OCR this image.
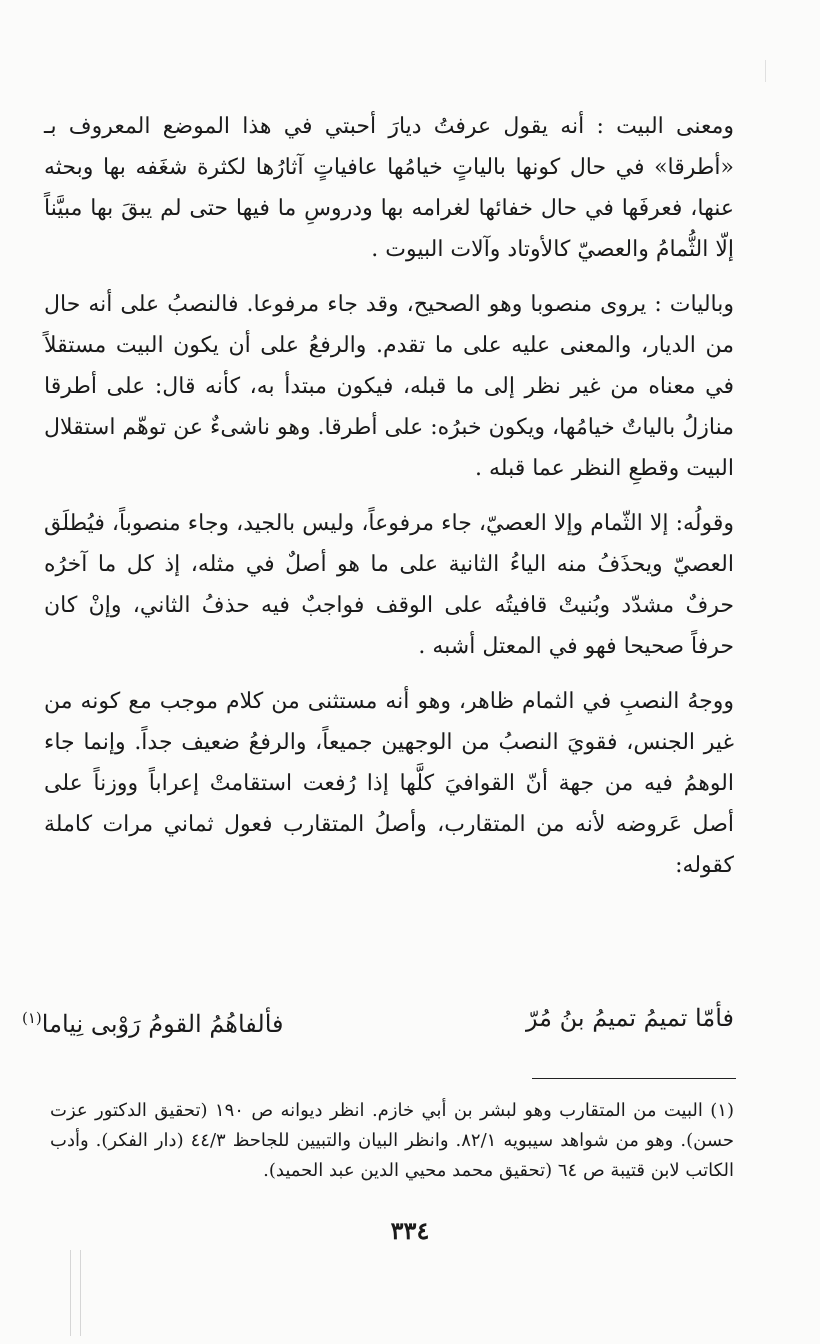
ومعنى البيت : أنه يقول عرفتُ ديارَ أحبتي في هذا الموضع المعروف بـ «أطرقا» في حال كونها بالياتٍ خيامُها عافياتٍ آثارُها لكثرة شغَفه بها وبحثه عنها، فعرفَها في حال خفائها لغرامه بها ودروسِ ما فيها حتى لم يبقَ بها مبيَّناً إلّا الثُّمامُ والعصيّ كالأوتاد وآلات البيوت .

وباليات : يروى منصوبا وهو الصحيح، وقد جاء مرفوعا. فالنصبُ على أنه حال من الديار، والمعنى عليه على ما تقدم. والرفعُ على أن يكون البيت مستقلاً في معناه من غير نظر إلى ما قبله، فيكون مبتدأ به، كأنه قال: على أطرقا منازلُ بالياتٌ خيامُها، ويكون خبرُه: على أطرقا. وهو ناشىءٌ عن توهّم استقلال البيت وقطعِ النظر عما قبله .

وقولُه: إلا الثّمام وإلا العصيّ، جاء مرفوعاً، وليس بالجيد، وجاء منصوباً، فيُطلَق العصيّ ويحذَفُ منه الياءُ الثانية على ما هو أصلٌ في مثله، إذ كل ما آخرُه حرفٌ مشدّد وبُنيتْ قافيتُه على الوقف فواجبٌ فيه حذفُ الثاني، وإنْ كان حرفاً صحيحا فهو في المعتل أشبه .

ووجهُ النصبِ في الثمام ظاهر، وهو أنه مستثنى من كلام موجب مع كونه من غير الجنس، فقويَ النصبُ من الوجهين جميعاً، والرفعُ ضعيف جداً. وإنما جاء الوهمُ فيه من جهة أنّ القوافيَ كلَّها إذا رُفعت استقامتْ إعراباً ووزناً على أصل عَروضه لأنه من المتقارب، وأصلُ المتقارب فعول ثماني مرات كاملة كقوله:

فأمّا تميمُ تميمُ بنُ مُرّ
فألفاهُمُ القومُ رَوْبى نِياما$^{(١)}$

(١) البيت من المتقارب وهو لبشر بن أبي خازم. انظر ديوانه ص ١٩٠ (تحقيق الدكتور عزت حسن). وهو من شواهد سيبويه ٨٢/١. وانظر البيان والتبيين للجاحظ ٤٤/٣ (دار الفكر). وأدب الكاتب لابن قتيبة ص ٦٤ (تحقيق محمد محيي الدين عبد الحميد).

٣٣٤
